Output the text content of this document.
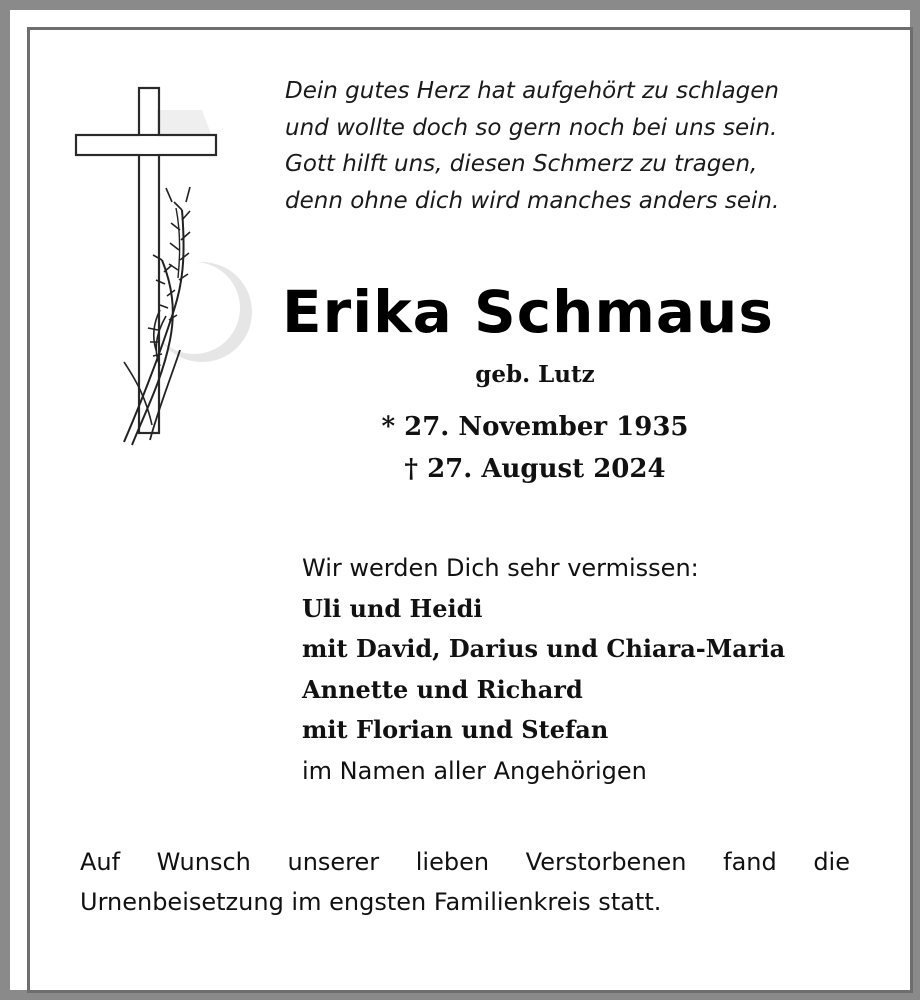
Dein gutes Herz hat aufgehört zu schlagen
und wollte doch so gern noch bei uns sein.
Gott hilft uns, diesen Schmerz zu tragen,
denn ohne dich wird manches anders sein.
Erika Schmaus
geb. Lutz
* 27. November 1935
† 27. August 2024
Wir werden Dich sehr vermissen:
Uli und Heidi
mit David, Darius und Chiara-Maria
Annette und Richard
mit Florian und Stefan
im Namen aller Angehörigen
Auf Wunsch unserer lieben Verstorbenen fand die
Urnenbeisetzung im engsten Familienkreis statt.
